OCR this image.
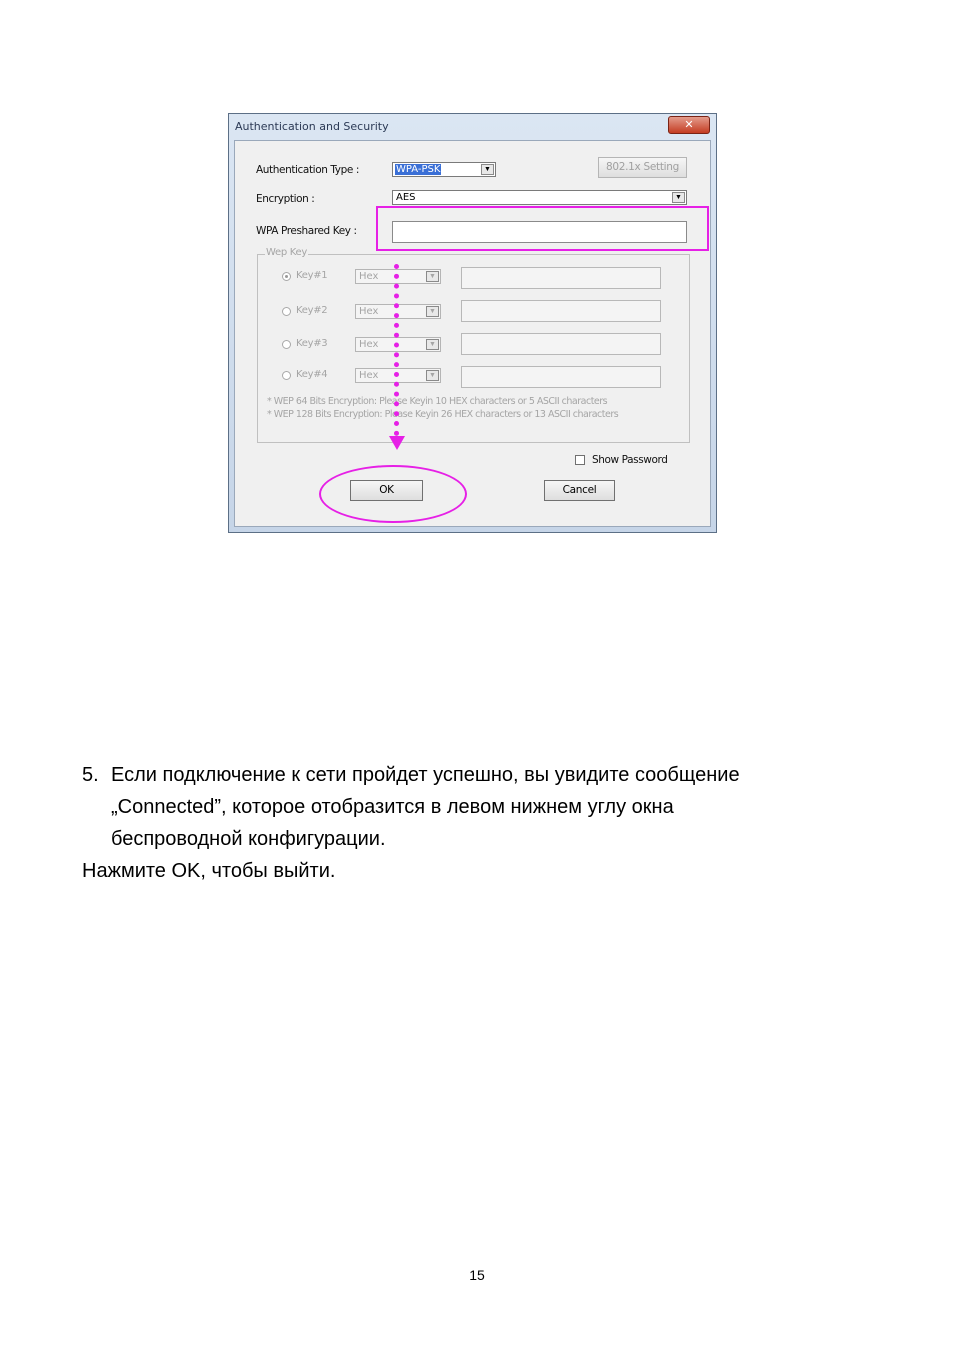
Authentication and Security	✕
Authentication Type :	WPA-PSK	▼	802.1x Setting
Encryption :	AES	▼
WPA Preshared Key :
Wep Key
Key#1	Hex	▼
Key#2	Hex	▼
Key#3	Hex	▼
Key#4	Hex	▼
* WEP 64 Bits Encryption: Please Keyin 10 HEX characters or 5 ASCII characters
* WEP 128 Bits Encryption: Please Keyin 26 HEX characters or 13 ASCII characters
Show Password
OK	Cancel
5. Если подключение к сети пройдет успешно, вы увидите сообщение
„Connected”, которое отобразится в левом нижнем углу окна
беспроводной конфигурации.
Нажмите OK, чтобы выйти.
15
